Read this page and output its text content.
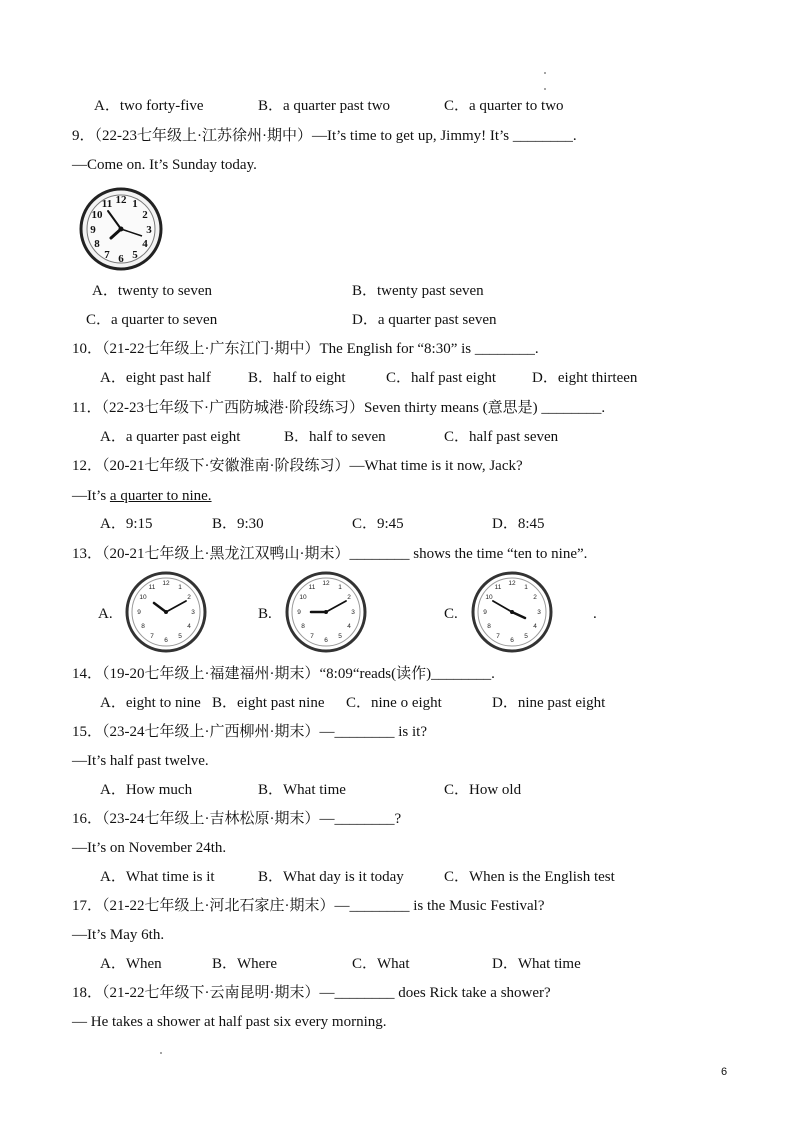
A．two forty-five	B．a quarter past two	C．a quarter to two
9．（22-23七年级上·江苏徐州·期中）—It’s time to get up, Jimmy! It’s ________.
—Come on. It’s Sunday today.
12 1
2
3
4
5
6
7
8
9
10
11
A．twenty to seven	B．twenty past seven
C．a quarter to seven	D．a quarter past seven
10．（21-22七年级上·广东江门·期中）The English for “8:30” is ________.
A．eight past half B．half to eight	C．half past eight D．eight thirteen
11．（22-23七年级下·广西防城港·阶段练习）Seven thirty means (意思是) ________.
A．a quarter past eight	B．half to seven	C．half past seven
12．（20-21七年级下·安徽淮南·阶段练习）—What time is it now, Jack?
—It’s a quarter to nine.
A．9:15	B．9:30	C．9:45	D．8:45
13．（20-21七年级上·黑龙江双鸭山·期末）________ shows the time “ten to nine”.
A.
12
1
2
3
4
5
6
7
8
9
10
11
B.
12
1
2
3
4
5
6
7
8
9
10
11
C.
12
1
2
3
4
5
6
7
8
9
10
11
.
14．（19-20七年级上·福建福州·期末）“8:09“reads(读作)________.
A．eight to nine B．eight past nine C．nine o eight	D．nine past eight
15．（23-24七年级上·广西柳州·期末）—________ is it?
—It’s half past twelve.
A．How much	B．What time	C．How old
16．（23-24七年级上·吉林松原·期末）—________?
—It’s on November 24th.
A．What time is it	B．What day is it today	C．When is the English test
17．（21-22七年级上·河北石家庄·期末）—________ is the Music Festival?
—It’s May 6th.
A．When	B．Where	C．What	D．What time
18．（21-22七年级下·云南昆明·期末）—________ does Rick take a shower?
— He takes a shower at half past six every morning.
6
